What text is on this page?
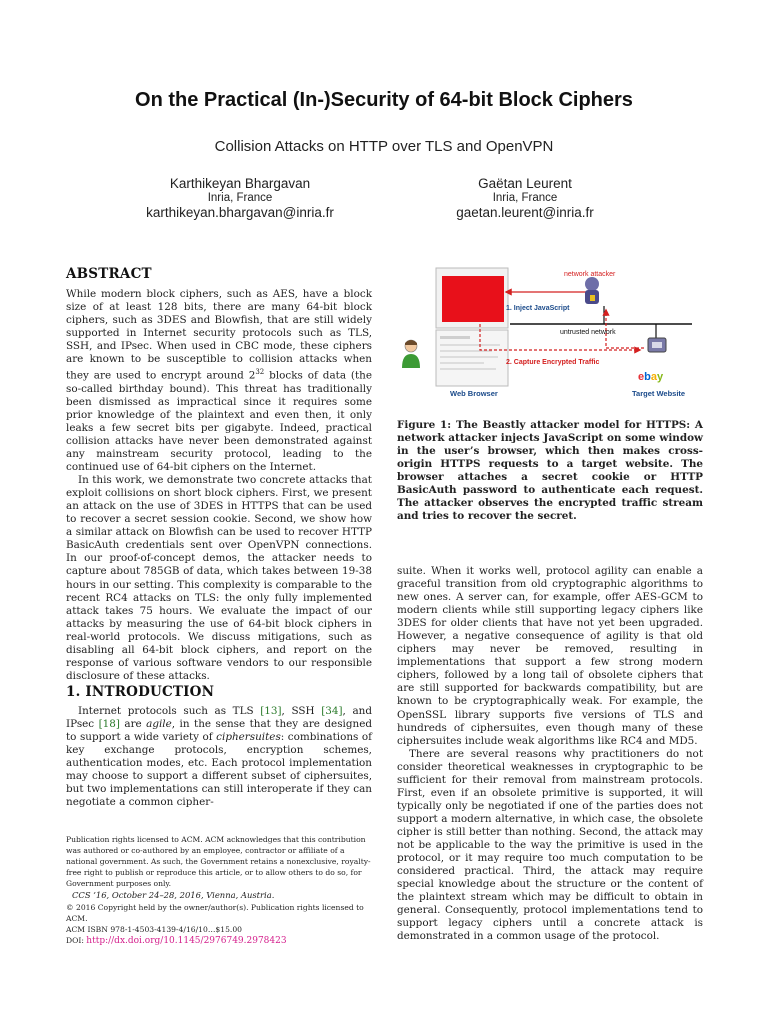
On the Practical (In-)Security of 64-bit Block Ciphers
Collision Attacks on HTTP over TLS and OpenVPN
Karthikeyan Bhargavan
Inria, France
karthikeyan.bhargavan@inria.fr
Gaëtan Leurent
Inria, France
gaetan.leurent@inria.fr
ABSTRACT

While modern block ciphers, such as AES, have a block size of at least 128 bits, there are many 64-bit block ciphers, such as 3DES and Blowfish, that are still widely supported in Internet security protocols such as TLS, SSH, and IPsec. When used in CBC mode, these ciphers are known to be susceptible to collision attacks when they are used to encrypt around $2^{32}$ blocks of data (the so-called birthday bound). This threat has traditionally been dismissed as impractical since it requires some prior knowledge of the plaintext and even then, it only leaks a few secret bits per gigabyte. Indeed, practical collision attacks have never been demonstrated against any mainstream security protocol, leading to the continued use of 64-bit ciphers on the Internet.

In this work, we demonstrate two concrete attacks that exploit collisions on short block ciphers. First, we present an attack on the use of 3DES in HTTPS that can be used to recover a secret session cookie. Second, we show how a similar attack on Blowfish can be used to recover HTTP BasicAuth credentials sent over OpenVPN connections. In our proof-of-concept demos, the attacker needs to capture about 785GB of data, which takes between 19-38 hours in our setting. This complexity is comparable to the recent RC4 attacks on TLS: the only fully implemented attack takes 75 hours. We evaluate the impact of our attacks by measuring the use of 64-bit block ciphers in real-world protocols. We discuss mitigations, such as disabling all 64-bit block ciphers, and report on the response of various software vendors to our responsible disclosure of these attacks.

1. INTRODUCTION

Internet protocols such as TLS [13], SSH [34], and IPsec [18] are agile, in the sense that they are designed to support a wide variety of ciphersuites: combinations of key exchange protocols, encryption schemes, authentication modes, etc. Each protocol implementation may choose to support a different subset of ciphersuites, but two implementations can still interoperate if they can negotiate a common cipher-

Publication rights licensed to ACM. ACM acknowledges that this contribution was authored or co-authored by an employee, contractor or affiliate of a national government. As such, the Government retains a nonexclusive, royalty-free right to publish or reproduce this article, or to allow others to do so, for Government purposes only.

CCS ’16, October 24–28, 2016, Vienna, Austria.

© 2016 Copyright held by the owner/author(s). Publication rights licensed to ACM.

ACM ISBN 978-1-4503-4139-4/16/10…$15.00

DOI: http://dx.doi.org/10.1145/2976749.2978423

network attacker
1. Inject JavaScript
untrusted network
2. Capture Encrypted Traffic
Web Browser	Target Website
ebay
Figure 1: The Beastly attacker model for HTTPS: A network attacker injects JavaScript on some window in the user’s browser, which then makes cross-origin HTTPS requests to a target website. The browser attaches a secret cookie or HTTP BasicAuth password to authenticate each request. The attacker observes the encrypted traffic stream and tries to recover the secret.

suite. When it works well, protocol agility can enable a graceful transition from old cryptographic algorithms to new ones. A server can, for example, offer AES-GCM to modern clients while still supporting legacy ciphers like 3DES for older clients that have not yet been upgraded. However, a negative consequence of agility is that old ciphers may never be removed, resulting in implementations that support a few strong modern ciphers, followed by a long tail of obsolete ciphers that are still supported for backwards compatibility, but are known to be cryptographically weak. For example, the OpenSSL library supports five versions of TLS and hundreds of ciphersuites, even though many of these ciphersuites include weak algorithms like RC4 and MD5.

There are several reasons why practitioners do not consider theoretical weaknesses in cryptographic to be sufficient for their removal from mainstream protocols. First, even if an obsolete primitive is supported, it will typically only be negotiated if one of the parties does not support a modern alternative, in which case, the obsolete cipher is still better than nothing. Second, the attack may not be applicable to the way the primitive is used in the protocol, or it may require too much computation to be considered practical. Third, the attack may require special knowledge about the structure or the content of the plaintext stream which may be difficult to obtain in general. Consequently, protocol implementations tend to support legacy ciphers until a concrete attack is demonstrated in a common usage of the protocol.
